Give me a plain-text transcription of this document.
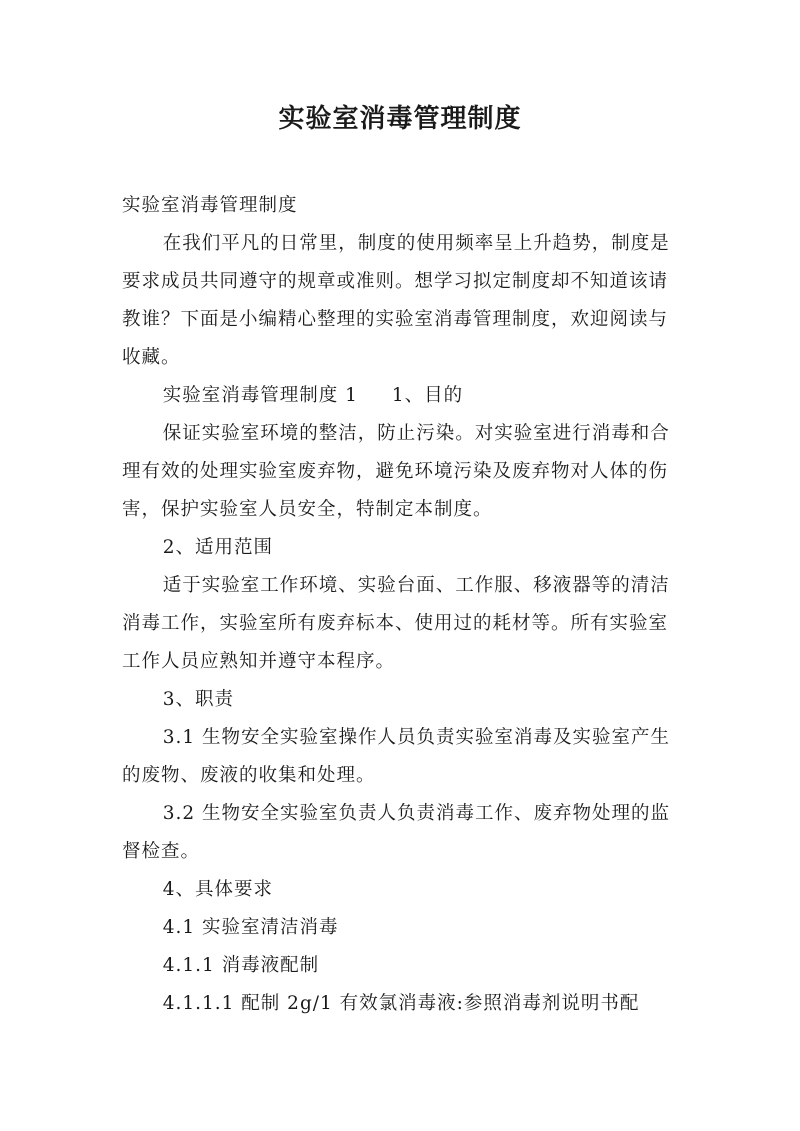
实验室消毒管理制度

实验室消毒管理制度

在我们平凡的日常里，制度的使用频率呈上升趋势，制度是要求成员共同遵守的规章或准则。想学习拟定制度却不知道该请教谁？下面是小编精心整理的实验室消毒管理制度，欢迎阅读与收藏。

实验室消毒管理制度 1 1、目的

保证实验室环境的整洁，防止污染。对实验室进行消毒和合理有效的处理实验室废弃物，避免环境污染及废弃物对人体的伤害，保护实验室人员安全，特制定本制度。

2、适用范围

适于实验室工作环境、实验台面、工作服、移液器等的清洁消毒工作，实验室所有废弃标本、使用过的耗材等。所有实验室工作人员应熟知并遵守本程序。

3、职责

3.1 生物安全实验室操作人员负责实验室消毒及实验室产生的废物、废液的收集和处理。

3.2 生物安全实验室负责人负责消毒工作、废弃物处理的监督检查。

4、具体要求

4.1 实验室清洁消毒

4.1.1 消毒液配制

4.1.1.1 配制 2g/1 有效氯消毒液:参照消毒剂说明书配
